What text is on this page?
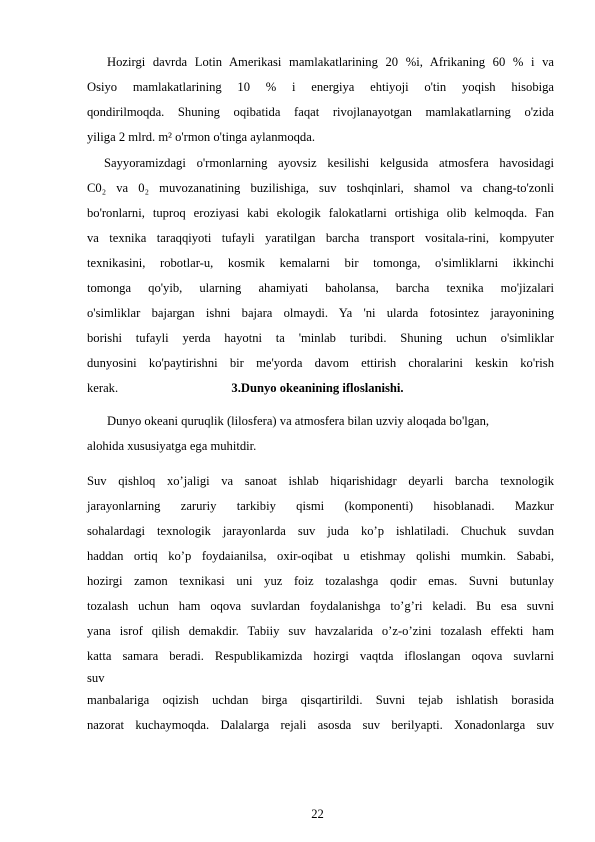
Hozirgi davrda Lotin Amerikasi mamlakatlarining 20 %i, Afrikaning 60 % i va
Osiyo mamlakatlarining 10 % i energiya ehtiyoji o'tin yoqish hisobiga
qondirilmoqda. Shuning oqibatida faqat rivojlanayotgan mamlakatlarning o'zida
yiliga 2 mlrd. m² o'rmon o'tinga aylanmoqda.
Sayyoramizdagi o'rmonlarning ayovsiz kesilishi kelgusida atmosfera havosidagi
C0₂ va 0₂ muvozanatining buzilishiga, suv toshqinlari, shamol va chang-to'zonli
bo'ronlarni, tuproq eroziyasi kabi ekologik falokatlarni ortishiga olib kelmoqda. Fan
va texnika taraqqiyoti tufayli yaratilgan barcha transport vositala-rini, kompyuter
texnikasini, robotlar-u, kosmik kemalarni bir tomonga, o'simliklarni ikkinchi
tomonga qo'yib, ularning ahamiyati baholansa, barcha texnika mo'jizalari
o'simliklar bajargan ishni bajara olmaydi. Ya 'ni ularda fotosintez jarayonining
borishi tufayli yerda hayotni ta 'minlab turibdi. Shuning uchun o'simliklar
dunyosini ko'paytirishni bir me'yorda davom ettirish choralarini keskin ko'rish
kerak.	3.Dunyo okeanining ifloslanishi.
Dunyo okeani quruqlik (lilosfera) va atmosfera bilan uzviy aloqada bo'lgan,
alohida xususiyatga ega muhitdir.
Suv qishloq xo’jaligi va sanoat ishlab hiqarishidagr deyarli barcha texnologik
jarayonlarning zaruriy tarkibiy qismi (komponenti) hisoblanadi. Mazkur
sohalardagi texnologik jarayonlarda suv juda ko’p ishlatiladi. Chuchuk suvdan
haddan ortiq ko’p foydaianilsa, oxir-oqibat u etishmay qolishi mumkin. Sababi,
hozirgi zamon texnikasi uni yuz foiz tozalashga qodir emas. Suvni butunlay
tozalash uchun ham oqova suvlardan foydalanishga to’g’ri keladi. Bu esa suvni
yana isrof qilish demakdir. Tabiiy suv havzalarida o’z-o’zini tozalash effekti ham
katta samara beradi. Respublikamizda hozirgi vaqtda ifloslangan oqova suvlarni
suv
manbalariga oqizish uchdan birga qisqartirildi. Suvni tejab ishlatish borasida
nazorat kuchaymoqda. Dalalarga rejali asosda suv berilyapti. Xonadonlarga suv
22
